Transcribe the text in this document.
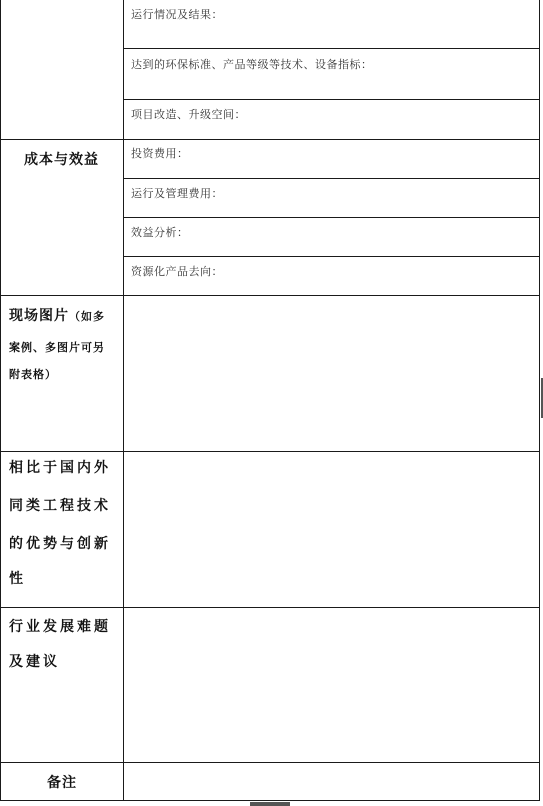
运行情况及结果：
达到的环保标准、产品等级等技术、设备指标：
项目改造、升级空间：
成本与效益	投资费用：
运行及管理费用：
效益分析：
资源化产品去向：
现场图片（如多
案例、多图片可另
附表格）
相比于国内外
同类工程技术
的优势与创新
性
行业发展难题
及建议
备注
